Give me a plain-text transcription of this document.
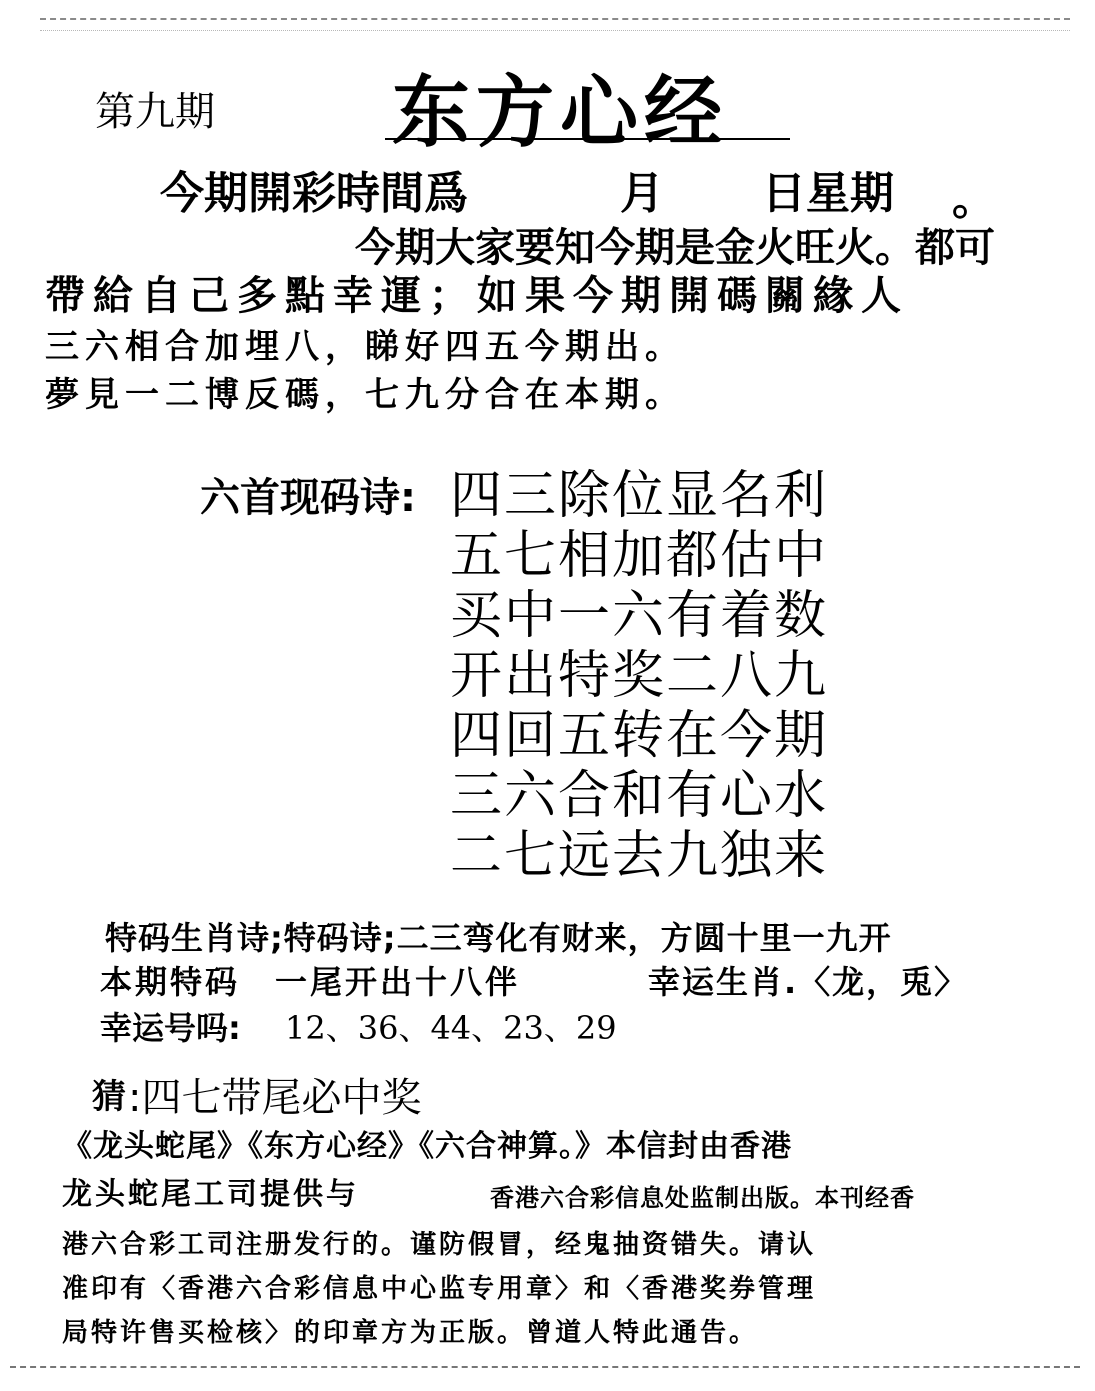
第九期 东方心经
今期開彩時間爲	月 日星期 。
今期大家要知今期是金火旺火。都可
帶給自己多點幸運；如果今期開碼關緣人
三六相合加埋八，睇好四五今期出。
夢見一二博反碼，七九分合在本期。
六首现码诗: 四三除位显名利
五七相加都估中
买中一六有着数
开出特奖二八九
四回五转在今期
三六合和有心水
二七远去九独来
特码生肖诗;特码诗;二三弯化有财来，方圆十里一九开
本期特码　一尾开出十八伴	幸运生肖.〈龙，兎〉
幸运号吗: 12、36、44、23、29
猜 :四七带尾必中奖
《龙头蛇尾》《东方心经》《六合神算。》本信封由香港
龙头蛇尾工司提供与	香港六合彩信息处监制出版。本刊经香
港六合彩工司注册发行的。谨防假冒，经鬼抽资错失。请认
准印有〈香港六合彩信息中心监专用章〉和〈香港奖券管理
局特许售买检核〉的印章方为正版。曾道人特此通告。
